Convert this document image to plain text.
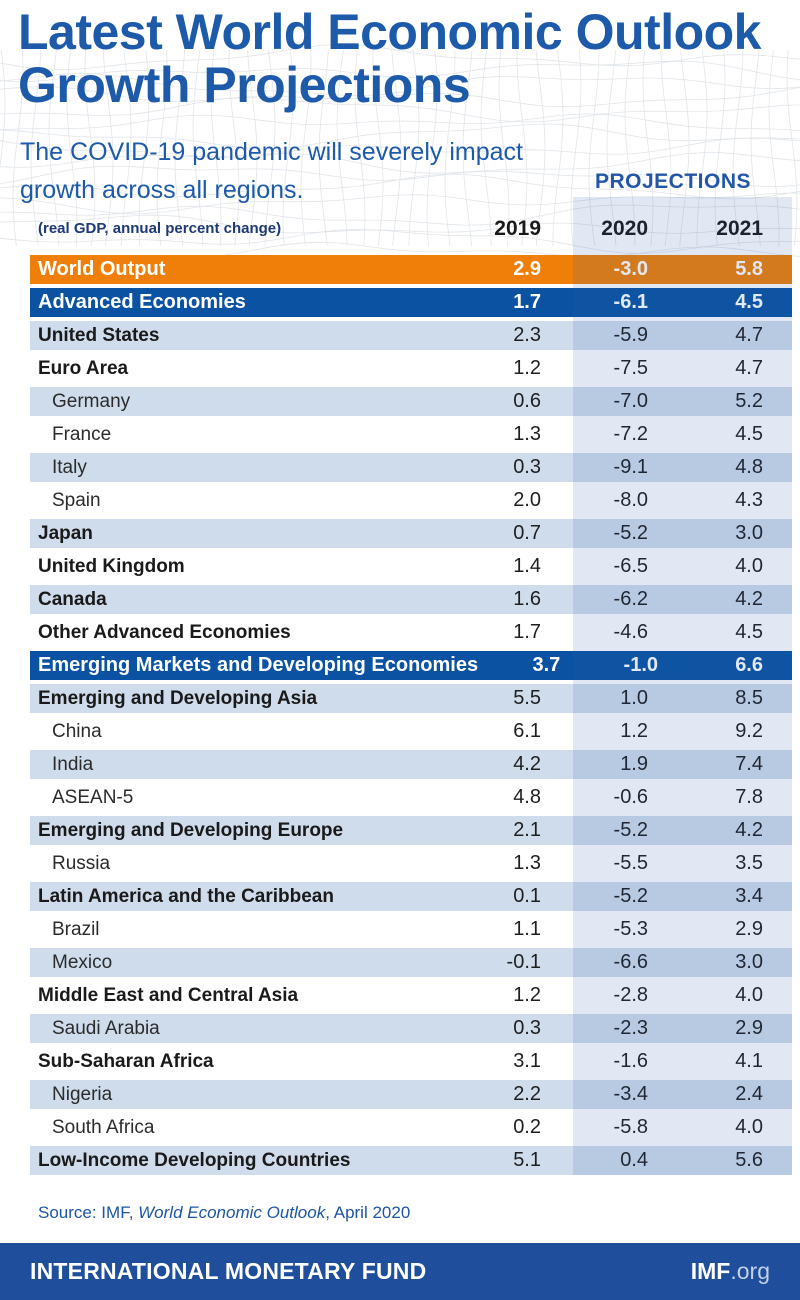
Latest World Economic Outlook
Growth Projections
The COVID-19 pandemic will severely impact
growth across all regions.	PROJECTIONS
(real GDP, annual percent change)	2019	2020	2021
World Output	2.9	-3.0	5.8
Advanced Economies	1.7	-6.1	4.5
United States	2.3	-5.9	4.7
Euro Area	1.2	-7.5	4.7
Germany	0.6	-7.0	5.2
France	1.3	-7.2	4.5
Italy	0.3	-9.1	4.8
Spain	2.0	-8.0	4.3
Japan	0.7	-5.2	3.0
United Kingdom	1.4	-6.5	4.0
Canada	1.6	-6.2	4.2
Other Advanced Economies	1.7	-4.6	4.5
Emerging Markets and Developing Economies	3.7	-1.0	6.6
Emerging and Developing Asia	5.5	1.0	8.5
China	6.1	1.2	9.2
India	4.2	1.9	7.4
ASEAN-5	4.8	-0.6	7.8
Emerging and Developing Europe	2.1	-5.2	4.2
Russia	1.3	-5.5	3.5
Latin America and the Caribbean	0.1	-5.2	3.4
Brazil	1.1	-5.3	2.9
Mexico	-0.1	-6.6	3.0
Middle East and Central Asia	1.2	-2.8	4.0
Saudi Arabia	0.3	-2.3	2.9
Sub-Saharan Africa	3.1	-1.6	4.1
Nigeria	2.2	-3.4	2.4
South Africa	0.2	-5.8	4.0
Low-Income Developing Countries	5.1	0.4	5.6
Source: IMF, World Economic Outlook, April 2020
INTERNATIONAL MONETARY FUND	IMF.org
